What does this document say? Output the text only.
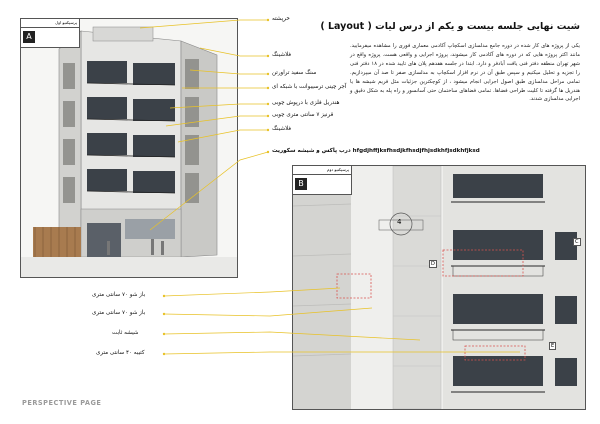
شیت نهایی جلسه بیست و یکم از درس لیات ( Layout )
یکی از پروژه های کار شده در دوره جامع مدلسازی اسکچاپ آکادمی معماری فوری را مشاهده میفرمایید. مانند اکثر پروژه هایی که در دوره های آکادمی کار میشوند، پروژه اجرایی و واقعی هست. پروژه واقع در شهر تهران منطقه دفتر فنی یافت آبادفر و دارد. ابتدا در جلسه هفدهم پلان های تایید شده در ۱۸ دفتر فنی را تجزیه و تحلیل میکنیم و سپس طبق آن در نرم افزار اسکچاپ به مدلسازی صفر تا صد آن میپردازیم. تمامی مراحل مدلسازی طبق اصول اجرایی انجام میشود ، از کوچکترین جزئیات مثل فریم شیشه ها یا هندریل ها گرفته تا کلیت طراحی فضاها. تمامی فضاهای ساختمان حتی آسانسور و راه پله به شکل دقیق و اجرایی مدلسازی شدند.
پرسپکتیو اول
A
پرسپکتیو دوم
B
4
D
C
E
خرپشته
فلاشینگ
سنگ سفید تراورتن
آجر چینی ترسیبوانت با شبکه ای
هندریل فلزی با درپوش چوبی
قرنیز ۷ سانتی متری چوبی
فلاشینگ
درب پاکس و شیشه سکوریت hfgdjhffjksfhsdjkfhsdjfhjsdkhfjsdkhfjksd
باز شو ۷۰ سانتی متری
باز شو ۷۰ سانتی متری
شیشه ثابت
کتیبه ۴۰ سانتی متری
PERSPECTIVE PAGE
